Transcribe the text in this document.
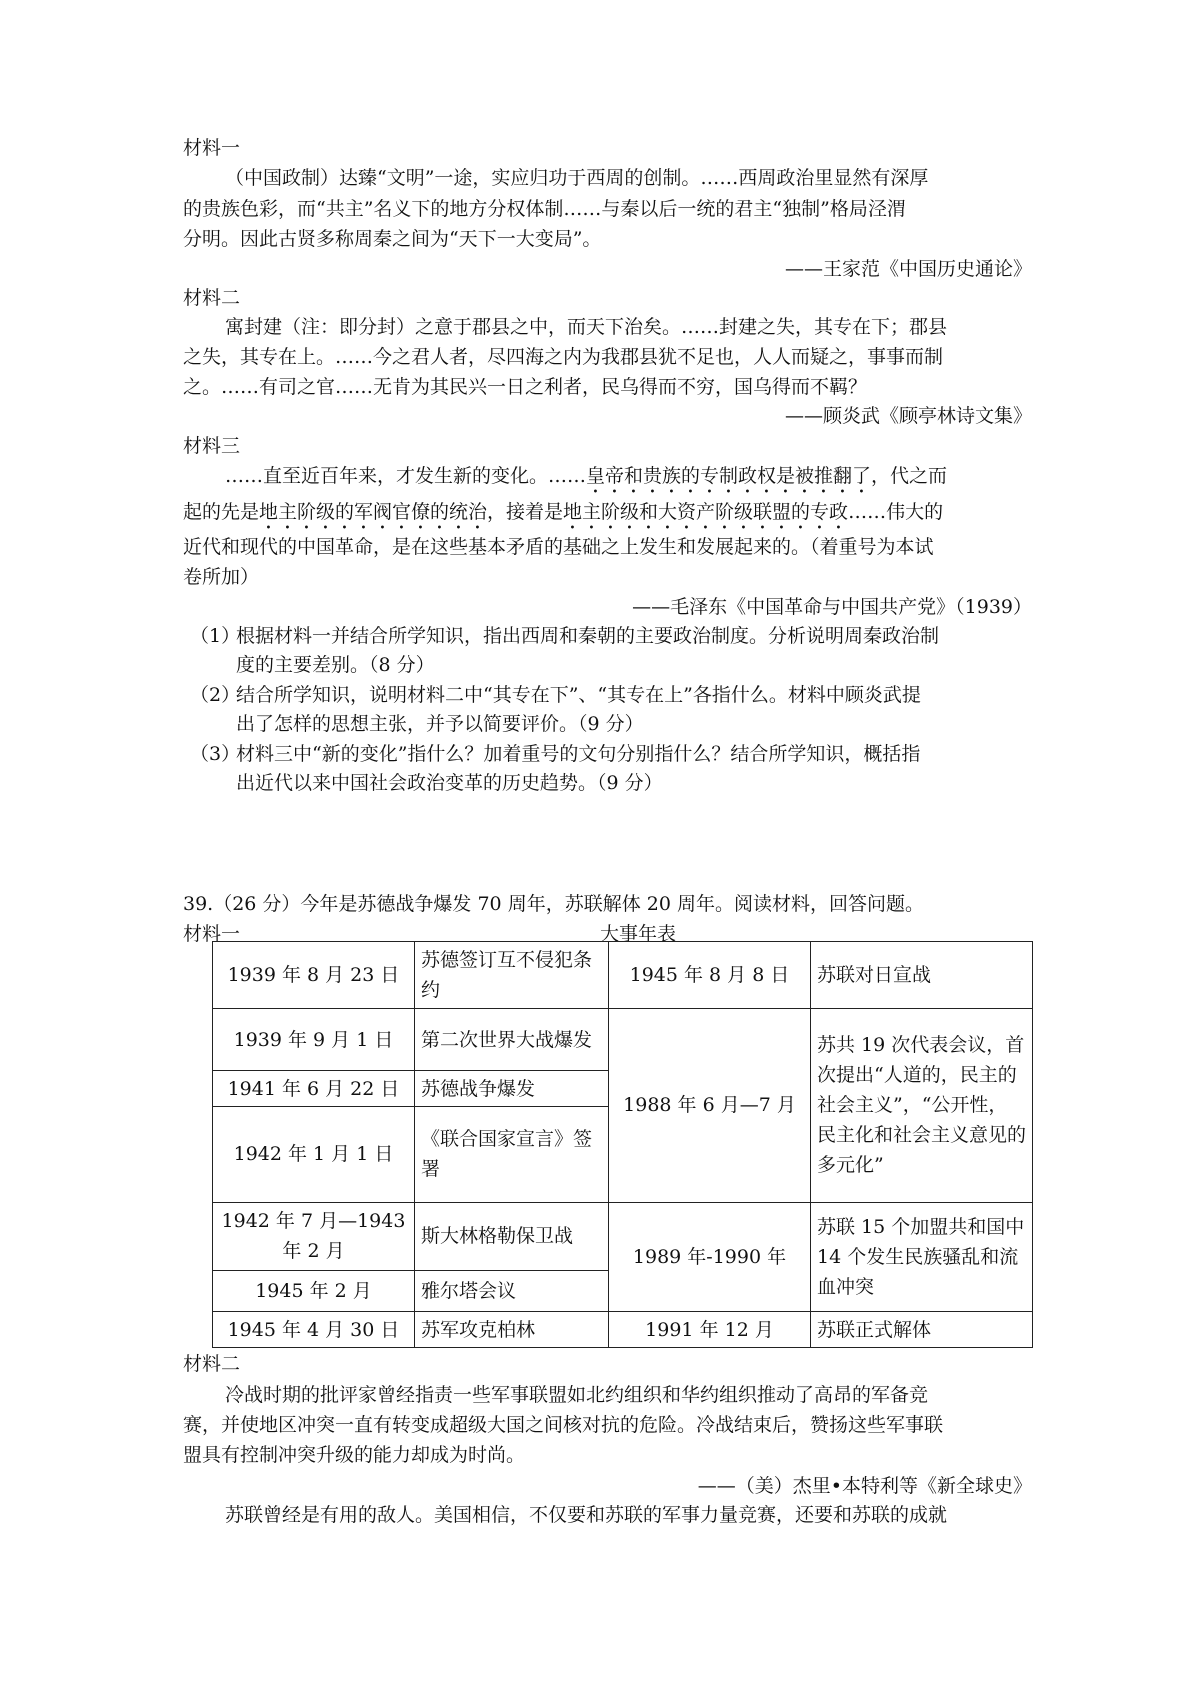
材料一
（中国政制）达臻“文明”一途，实应归功于西周的创制。……西周政治里显然有深厚
的贵族色彩，而“共主”名义下的地方分权体制……与秦以后一统的君主“独制”格局泾渭
分明。因此古贤多称周秦之间为“天下一大变局”。
——王家范《中国历史通论》
材料二
寓封建（注：即分封）之意于郡县之中，而天下治矣。……封建之失，其专在下；郡县
之失，其专在上。……今之君人者，尽四海之内为我郡县犹不足也，人人而疑之，事事而制
之。……有司之官……无肯为其民兴一日之利者，民乌得而不穷，国乌得而不羁？
——顾炎武《顾亭林诗文集》
材料三
……直至近百年来，才发生新的变化。……皇帝和贵族的专制政权是被推翻了，代之而
起的先是地主阶级的军阀官僚的统治，接着是地主阶级和大资产阶级联盟的专政……伟大的
近代和现代的中国革命，是在这些基本矛盾的基础之上发生和发展起来的。（着重号为本试
卷所加）
——毛泽东《中国革命与中国共产党》（1939）
（1）
根据材料一并结合所学知识，指出西周和秦朝的主要政治制度。分析说明周秦政治制
度的主要差别。（8 分）
（2）
结合所学知识，说明材料二中“其专在下”、“其专在上”各指什么。材料中顾炎武提
出了怎样的思想主张，并予以简要评价。（9 分）
（3）
材料三中“新的变化”指什么？加着重号的文句分别指什么？结合所学知识，概括指
出近代以来中国社会政治变革的历史趋势。（9 分）
39.（26 分）今年是苏德战争爆发 70 周年，苏联解体 20 周年。阅读材料，回答问题。
材料一	大事年表
1939 年 8 月 23 日	苏德签订互不侵犯条约	1945 年 8 月 8 日	苏联对日宣战
1939 年 9 月 1 日	第二次世界大战爆发	1988 年 6 月—7 月	苏共 19 次代表会议，首次提出“人道的，民主的社会主义”，“公开性，民主化和社会主义意见的多元化”
1941 年 6 月 22 日	苏德战争爆发		
1942 年 1 月 1 日	《联合国家宣言》签署		
1942 年 7 月—1943 年 2 月	斯大林格勒保卫战	1989 年-1990 年	苏联 15 个加盟共和国中 14 个发生民族骚乱和流血冲突
1945 年 2 月	雅尔塔会议		
1945 年 4 月 30 日	苏军攻克柏林	1991 年 12 月	苏联正式解体
材料二
冷战时期的批评家曾经指责一些军事联盟如北约组织和华约组织推动了高昂的军备竞
赛，并使地区冲突一直有转变成超级大国之间核对抗的危险。冷战结束后，赞扬这些军事联
盟具有控制冲突升级的能力却成为时尚。
——（美）杰里•本特利等《新全球史》
苏联曾经是有用的敌人。美国相信，不仅要和苏联的军事力量竞赛，还要和苏联的成就
